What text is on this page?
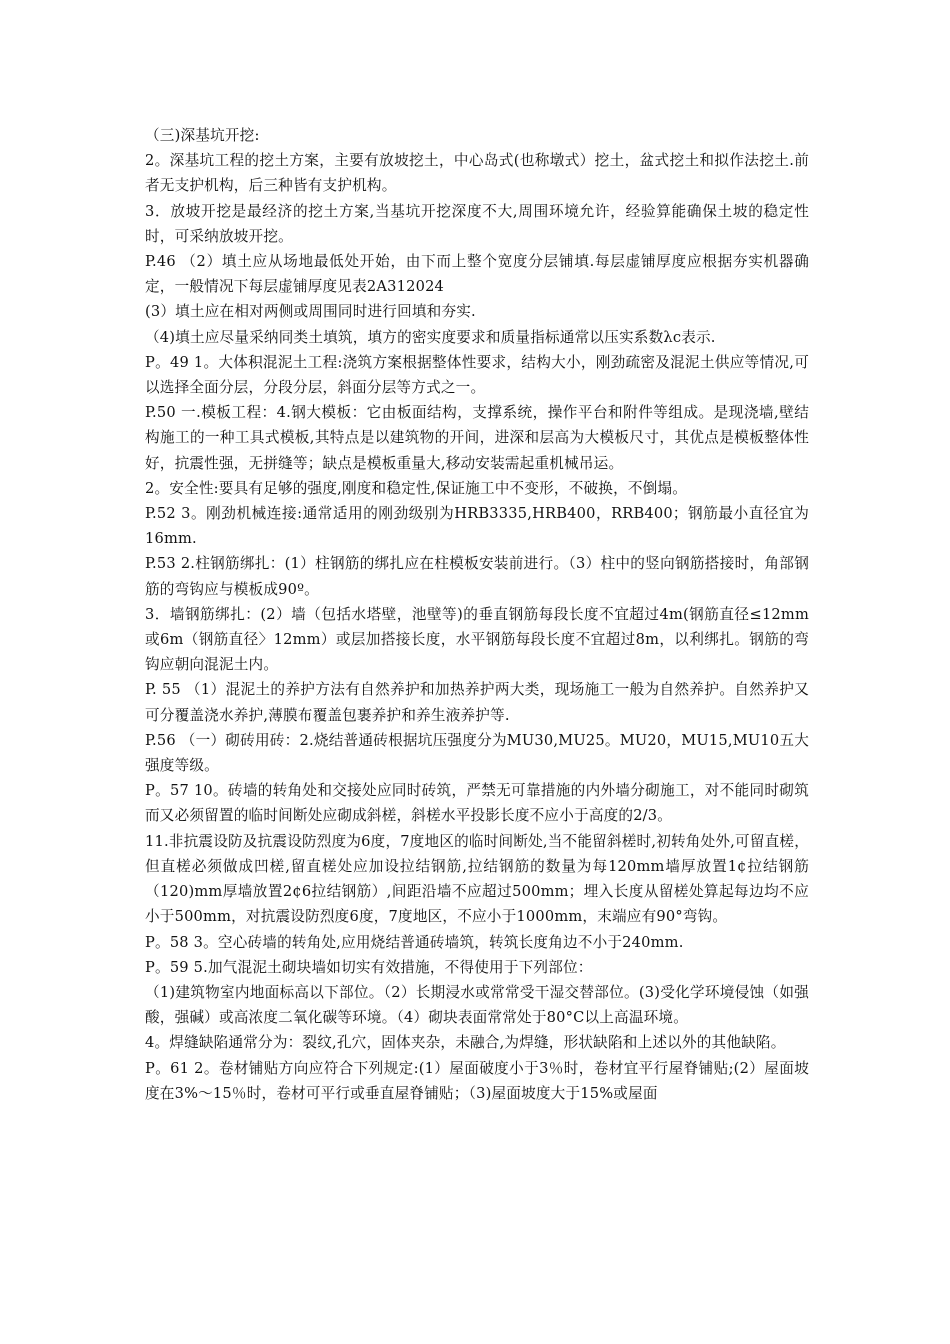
（三)深基坑开挖:

2。深基坑工程的挖土方案，主要有放坡挖土，中心岛式(也称墩式）挖土，盆式挖土和拟作法挖土.前者无支护机构，后三种皆有支护机构。

3．放坡开挖是最经济的挖土方案,当基坑开挖深度不大,周围环境允许，经验算能确保土坡的稳定性时，可采纳放坡开挖。

P.46 （2）填土应从场地最低处开始，由下而上整个宽度分层铺填.每层虚铺厚度应根据夯实机器确定，一般情况下每层虚铺厚度见表2A312024

(3）填土应在相对两侧或周围同时进行回填和夯实.

（4)填土应尽量采纳同类土填筑，填方的密实度要求和质量指标通常以压实系数λc表示.

P。49 1。大体积混泥土工程:浇筑方案根据整体性要求，结构大小，刚劲疏密及混泥土供应等情况,可以选择全面分层，分段分层，斜面分层等方式之一。

P.50 一.模板工程：4.钢大模板：它由板面结构，支撑系统，操作平台和附件等组成。是现浇墙,壁结构施工的一种工具式模板,其特点是以建筑物的开间，进深和层高为大模板尺寸，其优点是模板整体性好，抗震性强，无拼缝等；缺点是模板重量大,移动安装需起重机械吊运。

2。安全性:要具有足够的强度,刚度和稳定性,保证施工中不变形，不破换，不倒塌。

P.52 3。刚劲机械连接:通常适用的刚劲级别为HRB3335,HRB400，RRB400；钢筋最小直径宜为16mm.

P.53 2.柱钢筋绑扎：(1）柱钢筋的绑扎应在柱模板安装前进行。（3）柱中的竖向钢筋搭接时，角部钢筋的弯钩应与模板成90º。

3．墙钢筋绑扎：(2）墙（包括水塔壁，池壁等)的垂直钢筋每段长度不宜超过4m(钢筋直径≤12mm或6m（钢筋直径〉12mm）或层加搭接长度，水平钢筋每段长度不宜超过8m，以利绑扎。钢筋的弯钩应朝向混泥土内。

P. 55 （1）混泥土的养护方法有自然养护和加热养护两大类，现场施工一般为自然养护。自然养护又可分覆盖浇水养护,薄膜布覆盖包裹养护和养生液养护等.

P.56 （一）砌砖用砖：2.烧结普通砖根据坑压强度分为MU30,MU25。MU20，MU15,MU10五大强度等级。

P。57 10。砖墙的转角处和交接处应同时砖筑，严禁无可靠措施的内外墙分砌施工，对不能同时砌筑而又必须留置的临时间断处应砌成斜槎，斜槎水平投影长度不应小于高度的2/3。

11.非抗震设防及抗震设防烈度为6度，7度地区的临时间断处,当不能留斜槎时,初转角处外,可留直槎，但直槎必须做成凹槎,留直槎处应加设拉结钢筋,拉结钢筋的数量为每120mm墙厚放置1¢拉结钢筋（120)mm厚墙放置2¢6拉结钢筋）,间距沿墙不应超过500mm；埋入长度从留槎处算起每边均不应小于500mm，对抗震设防烈度6度，7度地区，不应小于1000mm，末端应有90°弯钩。

P。58 3。空心砖墙的转角处,应用烧结普通砖墙筑，转筑长度角边不小于240mm.

P。59 5.加气混泥土砌块墙如切实有效措施，不得使用于下列部位：

（1)建筑物室内地面标高以下部位。（2）长期浸水或常常受干湿交替部位。(3)受化学环境侵蚀（如强酸，强碱）或高浓度二氧化碳等环境。（4）砌块表面常常处于80°C以上高温环境。

4。焊缝缺陷通常分为：裂纹,孔穴，固体夹杂，未融合,为焊缝，形状缺陷和上述以外的其他缺陷。

P。61 2。卷材铺贴方向应符合下列规定:(1）屋面破度小于3％时，卷材宜平行屋脊铺贴;(2）屋面坡度在3%～15％时，卷材可平行或垂直屋脊铺贴；（3)屋面坡度大于15%或屋面
